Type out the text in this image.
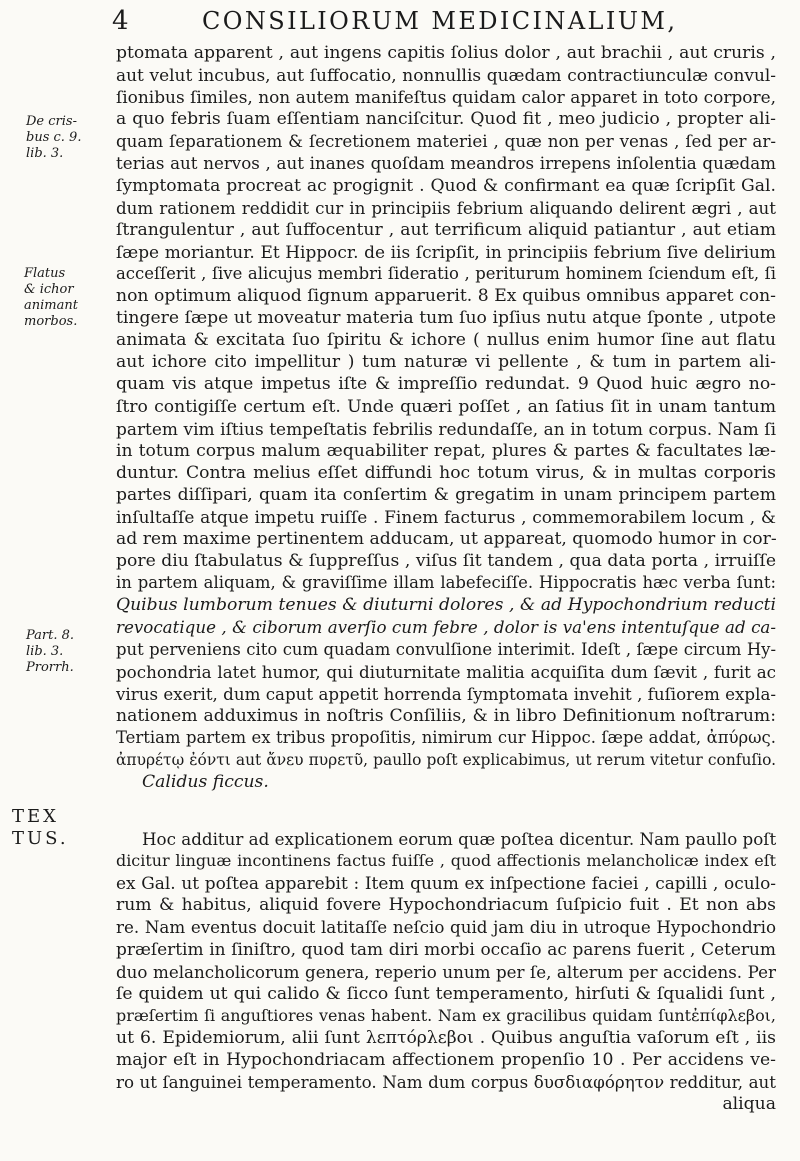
4	CONSILIORUM MEDICINALIUM,
De cris-
bus c. 9.
lib. 3.
Flatus
& ichor
animant
morbos.
Part. 8.
lib. 3.
Prorrh.
TEX
TUS.
ptomata apparent , aut ingens capitis ſolius dolor , aut brachii , aut cruris ,
aut velut incubus, aut ſuffocatio, nonnullis quædam contractiunculæ convul-
ſionibus ſimiles, non autem manifeſtus quidam calor apparet in toto corpore,
a quo febris ſuam eſſentiam nanciſcitur. Quod fit , meo judicio , propter ali-
quam ſeparationem & ſecretionem materiei , quæ non per venas , ſed per ar-
terias aut nervos , aut inanes quoſdam meandros irrepens inſolentia quædam
ſymptomata procreat ac progignit . Quod & confirmant ea quæ ſcripſit Gal.
dum rationem reddidit cur in principiis febrium aliquando delirent ægri , aut
ſtrangulentur , aut ſuffocentur , aut terrificum aliquid patiantur , aut etiam
ſæpe moriantur. Et Hippocr. de iis ſcripſit, in principiis febrium ſive delirium
acceſſerit , ſive alicujus membri ſideratio , periturum hominem ſciendum eſt, ſi
non optimum aliquod ſignum apparuerit. 8 Ex quibus omnibus apparet con-
tingere ſæpe ut moveatur materia tum ſuo ipſius nutu atque ſponte , utpote
animata & excitata ſuo ſpiritu & ichore ( nullus enim humor ſine aut flatu
aut ichore cito impellitur ) tum naturæ vi pellente , & tum in partem ali-
quam vis atque impetus iſte & impreſſio redundat. 9 Quod huic ægro no-
ſtro contigiſſe certum eſt. Unde quæri poſſet , an ſatius ſit in unam tantum
partem vim iſtius tempeſtatis febrilis redundaſſe, an in totum corpus. Nam ſi
in totum corpus malum æquabiliter repat, plures & partes & facultates læ-
duntur. Contra melius eſſet diffundi hoc totum virus, & in multas corporis
partes diſſipari, quam ita conſertim & gregatim in unam principem partem
inſultaſſe atque impetu ruiſſe . Finem facturus , commemorabilem locum , &
ad rem maxime pertinentem adducam, ut appareat, quomodo humor in cor-
pore diu ſtabulatus & ſuppreſſus , viſus ſit tandem , qua data porta , irruiſſe
in partem aliquam, & graviſſime illam labefeciſſe. Hippocratis hæc verba ſunt:
Quibus lumborum tenues & diuturni dolores , & ad Hypochondrium reducti
revocatique , & ciborum averſio cum febre , dolor is va'ens intentuſque ad ca-
put perveniens cito cum quadam convulſione interimit. Ideſt , ſæpe circum Hy-
pochondria latet humor, qui diuturnitate malitia acquiſita dum ſævit , furit ac
virus exerit, dum caput appetit horrenda ſymptomata invehit , fuſiorem expla-
nationem adduximus in noſtris Conſiliis, & in libro Definitionum noſtrarum:
Tertiam partem ex tribus propoſitis, nimirum cur Hippoc. ſæpe addat, ἀπύρως.
ἀπυρέτῳ ἐόντι aut ἄνευ πυρετῦ, paullo poſt explicabimus, ut rerum vitetur confuſio.
Calidus ficcus.
Hoc additur ad explicationem eorum quæ poſtea dicentur. Nam paullo poſt
dicitur linguæ incontinens factus fuiſſe , quod affectionis melancholicæ index eſt
ex Gal. ut poſtea apparebit : Item quum ex inſpectione faciei , capilli , oculo-
rum & habitus, aliquid fovere Hypochondriacum ſuſpicio fuit . Et non abs
re. Nam eventus docuit latitaſſe neſcio quid jam diu in utroque Hypochondrio
præſertim in ſiniſtro, quod tam diri morbi occaſio ac parens fuerit , Ceterum
duo melancholicorum genera, reperio unum per ſe, alterum per accidens. Per
ſe quidem ut qui calido & ſicco ſunt temperamento, hirſuti & ſqualidi ſunt ,
præſertim ſi anguſtiores venas habent. Nam ex gracilibus quidam ſuntἐπίφλεβοι,
ut 6. Epidemiorum, alii ſunt λεπτόρλεβοι . Quibus anguſtia vaſorum eſt , iis
major eſt in Hypochondriacam affectionem propenſio 10 . Per accidens ve-
ro ut ſanguinei temperamento. Nam dum corpus δυσδιαφόρητον redditur, aut
aliqua
